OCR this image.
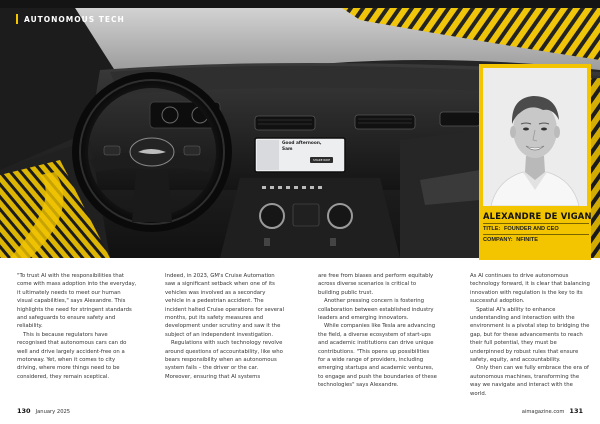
Good afternoon,
Sam
SHARE RIDE
AUTONOMOUS TECH
ALEXANDRE DE VIGAN
TITLE: FOUNDER AND CEO
COMPANY: NFINITE

"To trust AI with the responsibilities that come with mass adoption into the everyday, it ultimately needs to meet our human visual capabilities," says Alexandre. This highlights the need for stringent standards and safeguards to ensure safety and reliability.

This is because regulators have recognised that autonomous cars can do well and drive largely accident-free on a motorway. Yet, when it comes to city driving, where more things need to be considered, they remain sceptical.

Indeed, in 2023, GM's Cruise Automation saw a significant setback when one of its vehicles was involved as a secondary vehicle in a pedestrian accident. The incident halted Cruise operations for several months, put its safety measures and development under scrutiny and saw it the subject of an independent investigation.

Regulations with such technology revolve around questions of accountability, like who bears responsibility when an autonomous system fails – the driver or the car. Moreover, ensuring that AI systems

are free from biases and perform equitably across diverse scenarios is critical to building public trust.

Another pressing concern is fostering collaboration between established industry leaders and emerging innovators.

While companies like Tesla are advancing the field, a diverse ecosystem of start-ups and academic institutions can drive unique contributions. "This opens up possibilities for a wide range of providers, including emerging startups and academic ventures, to engage and push the boundaries of these technologies" says Alexandre.

As AI continues to drive autonomous technology forward, it is clear that balancing innovation with regulation is the key to its successful adoption.

Spatial AI's ability to enhance understanding and interaction with the environment is a pivotal step to bridging the gap, but for these advancements to reach their full potential, they must be underpinned by robust rules that ensure safety, equity, and accountability.

Only then can we fully embrace the era of autonomous machines, transforming the way we navigate and interact with the world.

130 January 2025	aimagazine.com 131
